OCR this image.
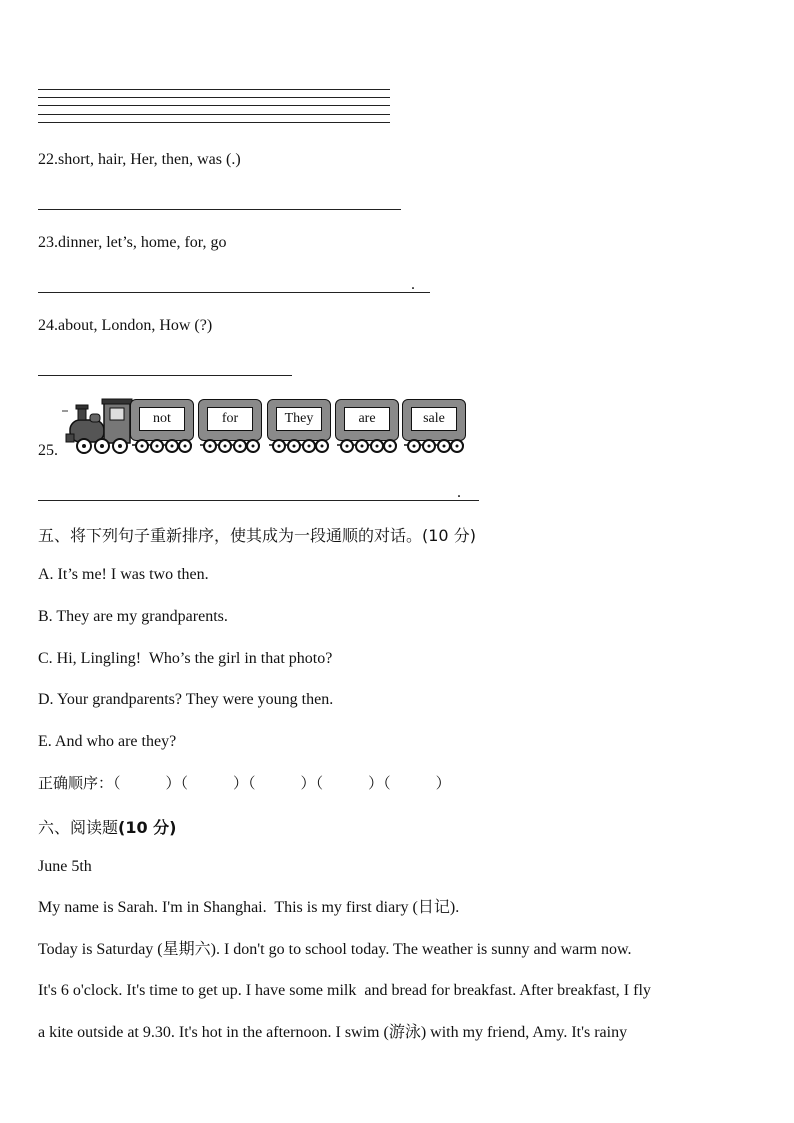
22.short, hair, Her, then, was (.)
23.dinner, let’s, home, for, go
.
24.about, London, How (?)
25.
not	for	They	are	sale
.
五、将下列句子重新排序，使其成为一段通顺的对话。(10 分)
A. It’s me! I was two then.
B. They are my grandparents.
C. Hi, Lingling!  Who’s the girl in that photo?
D. Your grandparents? They were young then.
E. And who are they?
正确顺序：（　　　）（　　　）（　　　）（　　　）（　　　）
六、阅读题(10 分)
June 5th
My name is Sarah. I'm in Shanghai.  This is my first diary (日记).
Today is Saturday (星期六). I don't go to school today. The weather is sunny and warm now.
It's 6 o'clock. It's time to get up. I have some milk  and bread for breakfast. After breakfast, I fly
a kite outside at 9.30. It's hot in the afternoon. I swim (游泳) with my friend, Amy. It's rainy
